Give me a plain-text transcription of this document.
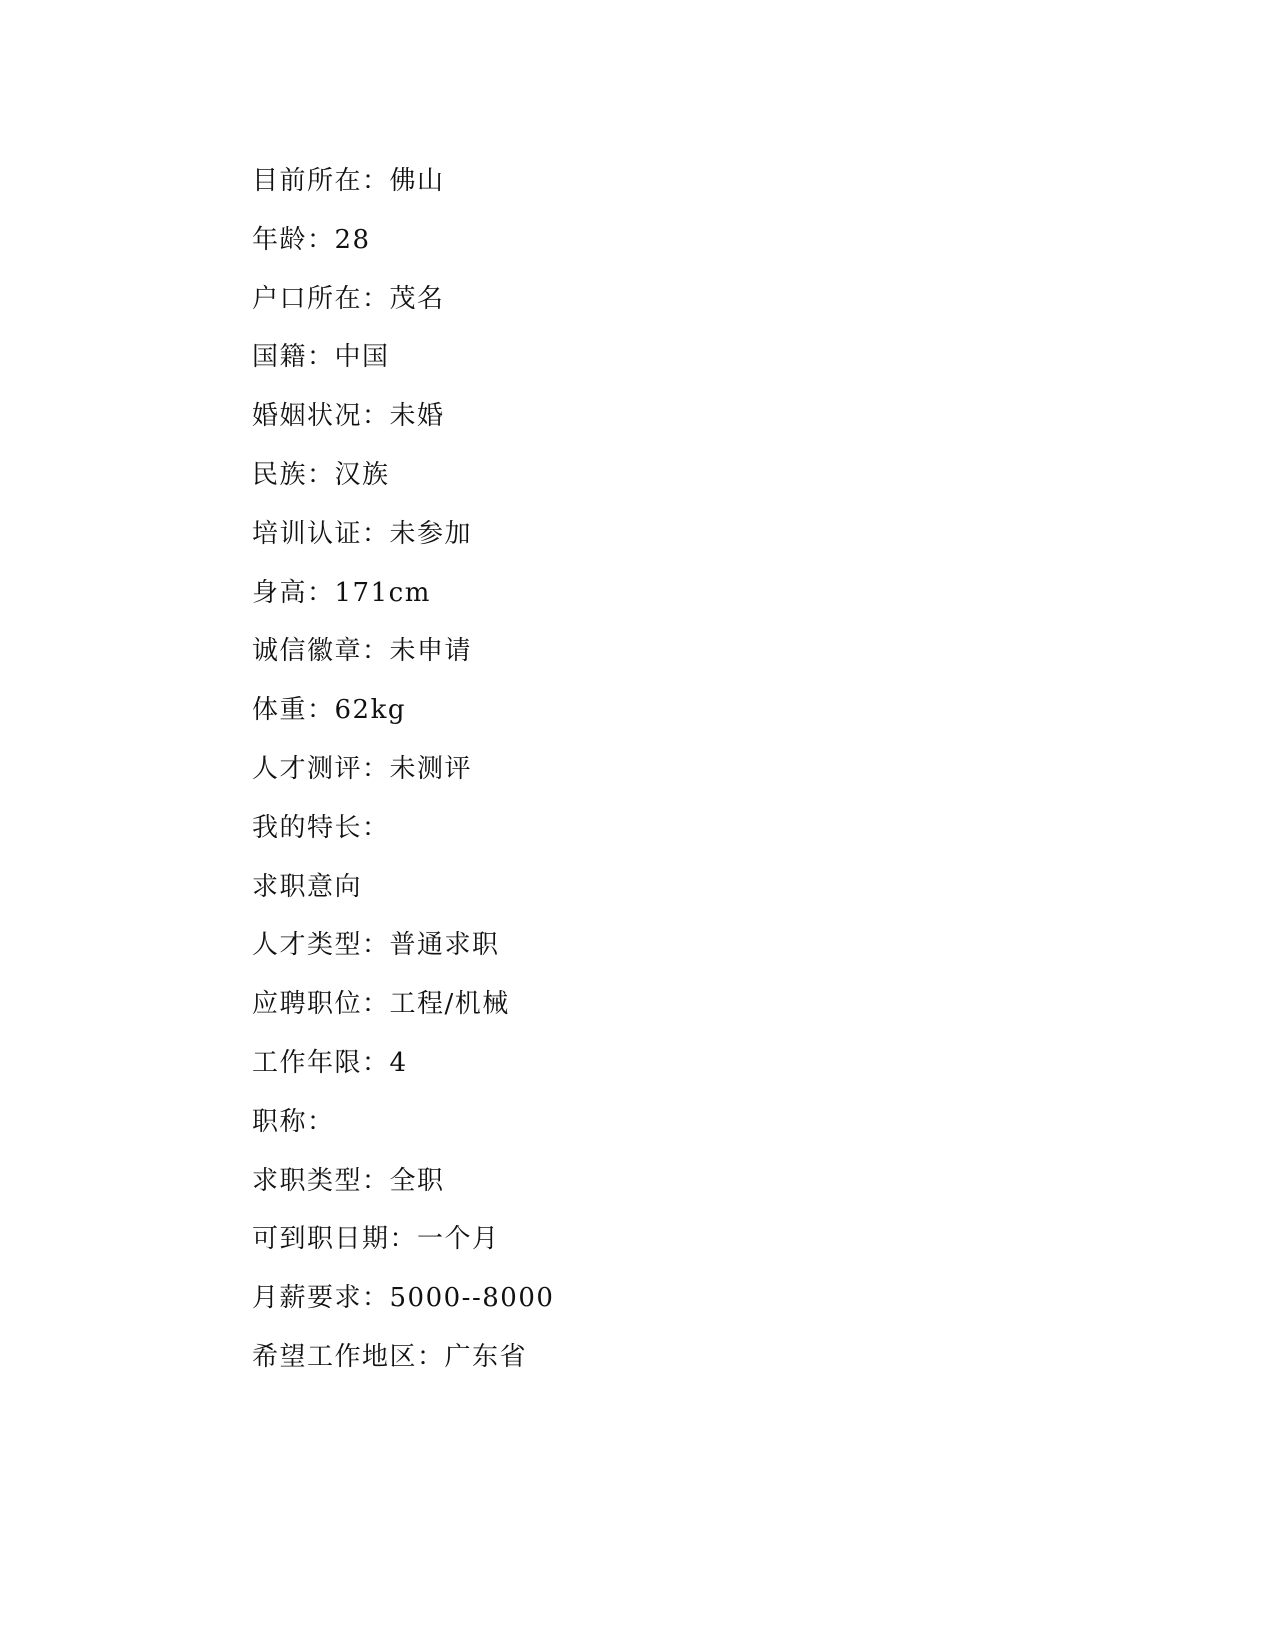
目前所在：佛山
年龄：28
户口所在：茂名
国籍：中国
婚姻状况：未婚
民族：汉族
培训认证：未参加
身高：171cm
诚信徽章：未申请
体重：62kg
人才测评：未测评
我的特长：
求职意向
人才类型：普通求职
应聘职位：工程/机械
工作年限：4
职称：
求职类型：全职
可到职日期：一个月
月薪要求：5000--8000
希望工作地区：广东省
